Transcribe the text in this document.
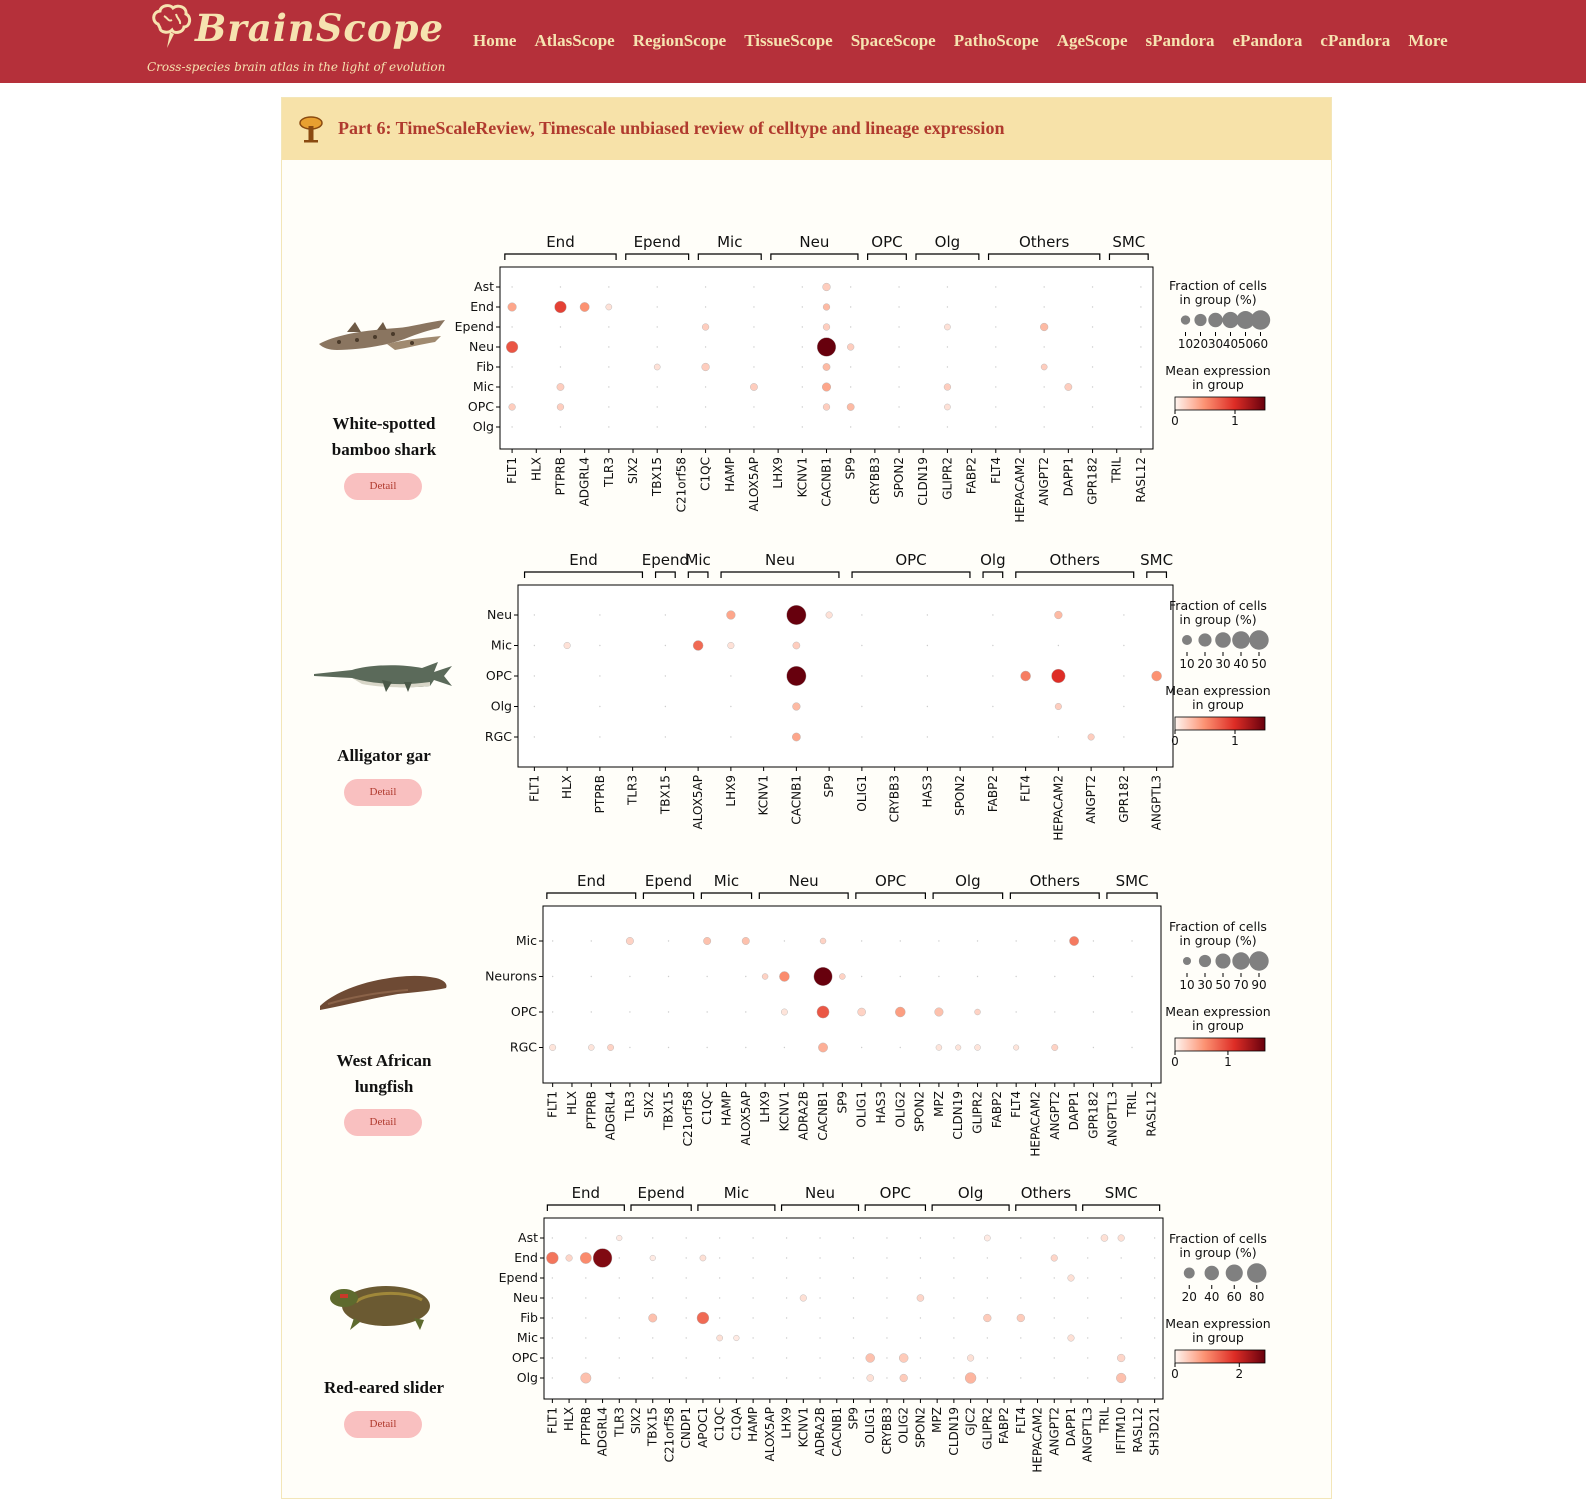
BrainScope
Cross-species brain atlas in the light of evolution
Home AtlasScope RegionScope TissueScope SpaceScope PathoScope AgeScope sPandora ePandora cPandora More
Part 6: TimeScaleReview, Timescale unbiased review of celltype and lineage expression
White-spotted
bamboo shark
Detail
Alligator gar
Detail
West African
lungfish
Detail
Red-eared slider
Detail
End	Epend Mic	Neu	OPC Olg	Others	SMC
Ast
End
Epend
Neu
Fib
Mic
OPC
Olg
FLT1 HLX PTPRB ADGRL4 TLR3 SIX2 TBX15 C21orf58 C1QC HAMP ALOX5AP LHX9 KCNV1 CACNB1 SP9 CRYBB3 SPON2 CLDN19 GLIPR2 FABP2 FLT4 HEPACAM2 ANGPT2 DAPP1 GPR182 TRIL RASL12
Fraction of cells
in group (%)
10 20 30 40 50 60
Mean expression
in group
0	1
End	Epend
Mic	Neu	OPC	Olg	Others	SMC
Neu
Mic
OPC
Olg
RGC
FLT1 HLX PTPRB TLR3 TBX15 ALOX5AP LHX9 KCNV1 CACNB1 SP9 OLIG1 CRYBB3 HAS3 SPON2 FABP2 FLT4 HEPACAM2 ANGPT2 GPR182 ANGPTL3
Fraction of cells
in group (%)
10 20 30 40 50
Mean expression
in group
0	1
End	Epend Mic	Neu	OPC	Olg	Others SMC
Mic
Neurons
OPC
RGC
FLT1 HLX PTPRB ADGRL4 TLR3 SIX2 TBX15 C21orf58 C1QC HAMP ALOX5AP LHX9 KCNV1 ADRA2B CACNB1 SP9 OLIG1 HAS3 OLIG2 SPON2 MPZ CLDN19 GLIPR2 FABP2 FLT4 HEPACAM2 ANGPT2 DAPP1 GPR182 ANGPTL3 TRIL RASL12
Fraction of cells
in group (%)
10 30 50 70 90
Mean expression
in group
0	1
End Epend	Mic	Neu	OPC	Olg Others SMC
Ast
End
Epend
Neu
Fib
Mic
OPC
Olg
FLT1 HLX PTPRB ADGRL4 TLR3 SIX2 TBX15 C21orf58 CNDP1 APOC1 C1QC C1QA HAMP ALOX5AP LHX9 KCNV1 ADRA2B CACNB1 SP9 OLIG1 CRYBB3 OLIG2 SPON2 MPZ CLDN19 GJC2 GLIPR2 FABP2 FLT4 HEPACAM2 ANGPT2 DAPP1 ANGPTL3 TRIL IFITM10 RASL12 SH3D21
Fraction of cells
in group (%)
20 40 60 80
Mean expression
in group
0	2
